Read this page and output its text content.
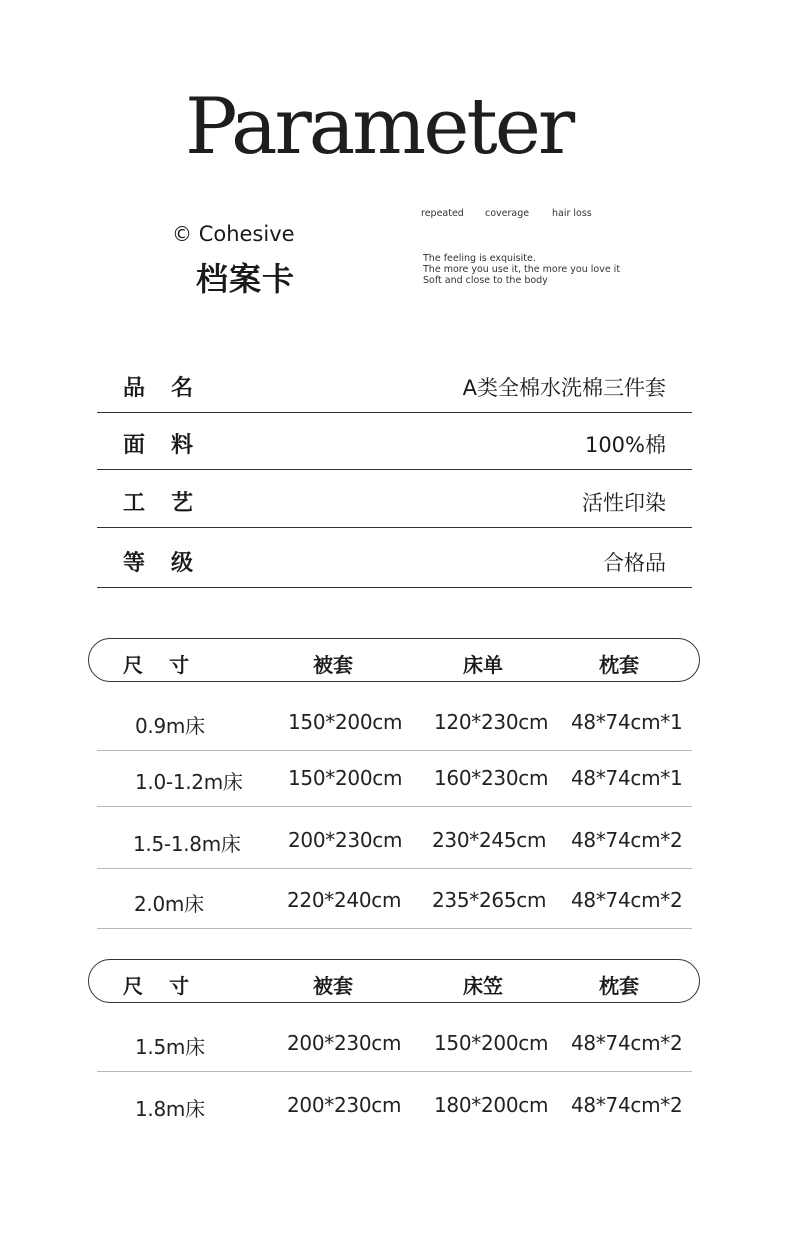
Parameter
© Cohesive
档案卡
repeated	coverage	hair loss
The feeling is exquisite.
The more you use it, the more you love it
Soft and close to the body
品名	A类全棉水洗棉三件套
面料	100%棉
工艺	活性印染
等级	合格品
尺寸	被套	床单	枕套
0.9m床	150*200cm 120*230cm 48*74cm*1
1.0-1.2m床 150*200cm 160*230cm 48*74cm*1
1.5-1.8m床 200*230cm 230*245cm 48*74cm*2
2.0m床	220*240cm 235*265cm 48*74cm*2
尺寸	被套	床笠	枕套
1.5m床	200*230cm 150*200cm 48*74cm*2
1.8m床	200*230cm 180*200cm 48*74cm*2
